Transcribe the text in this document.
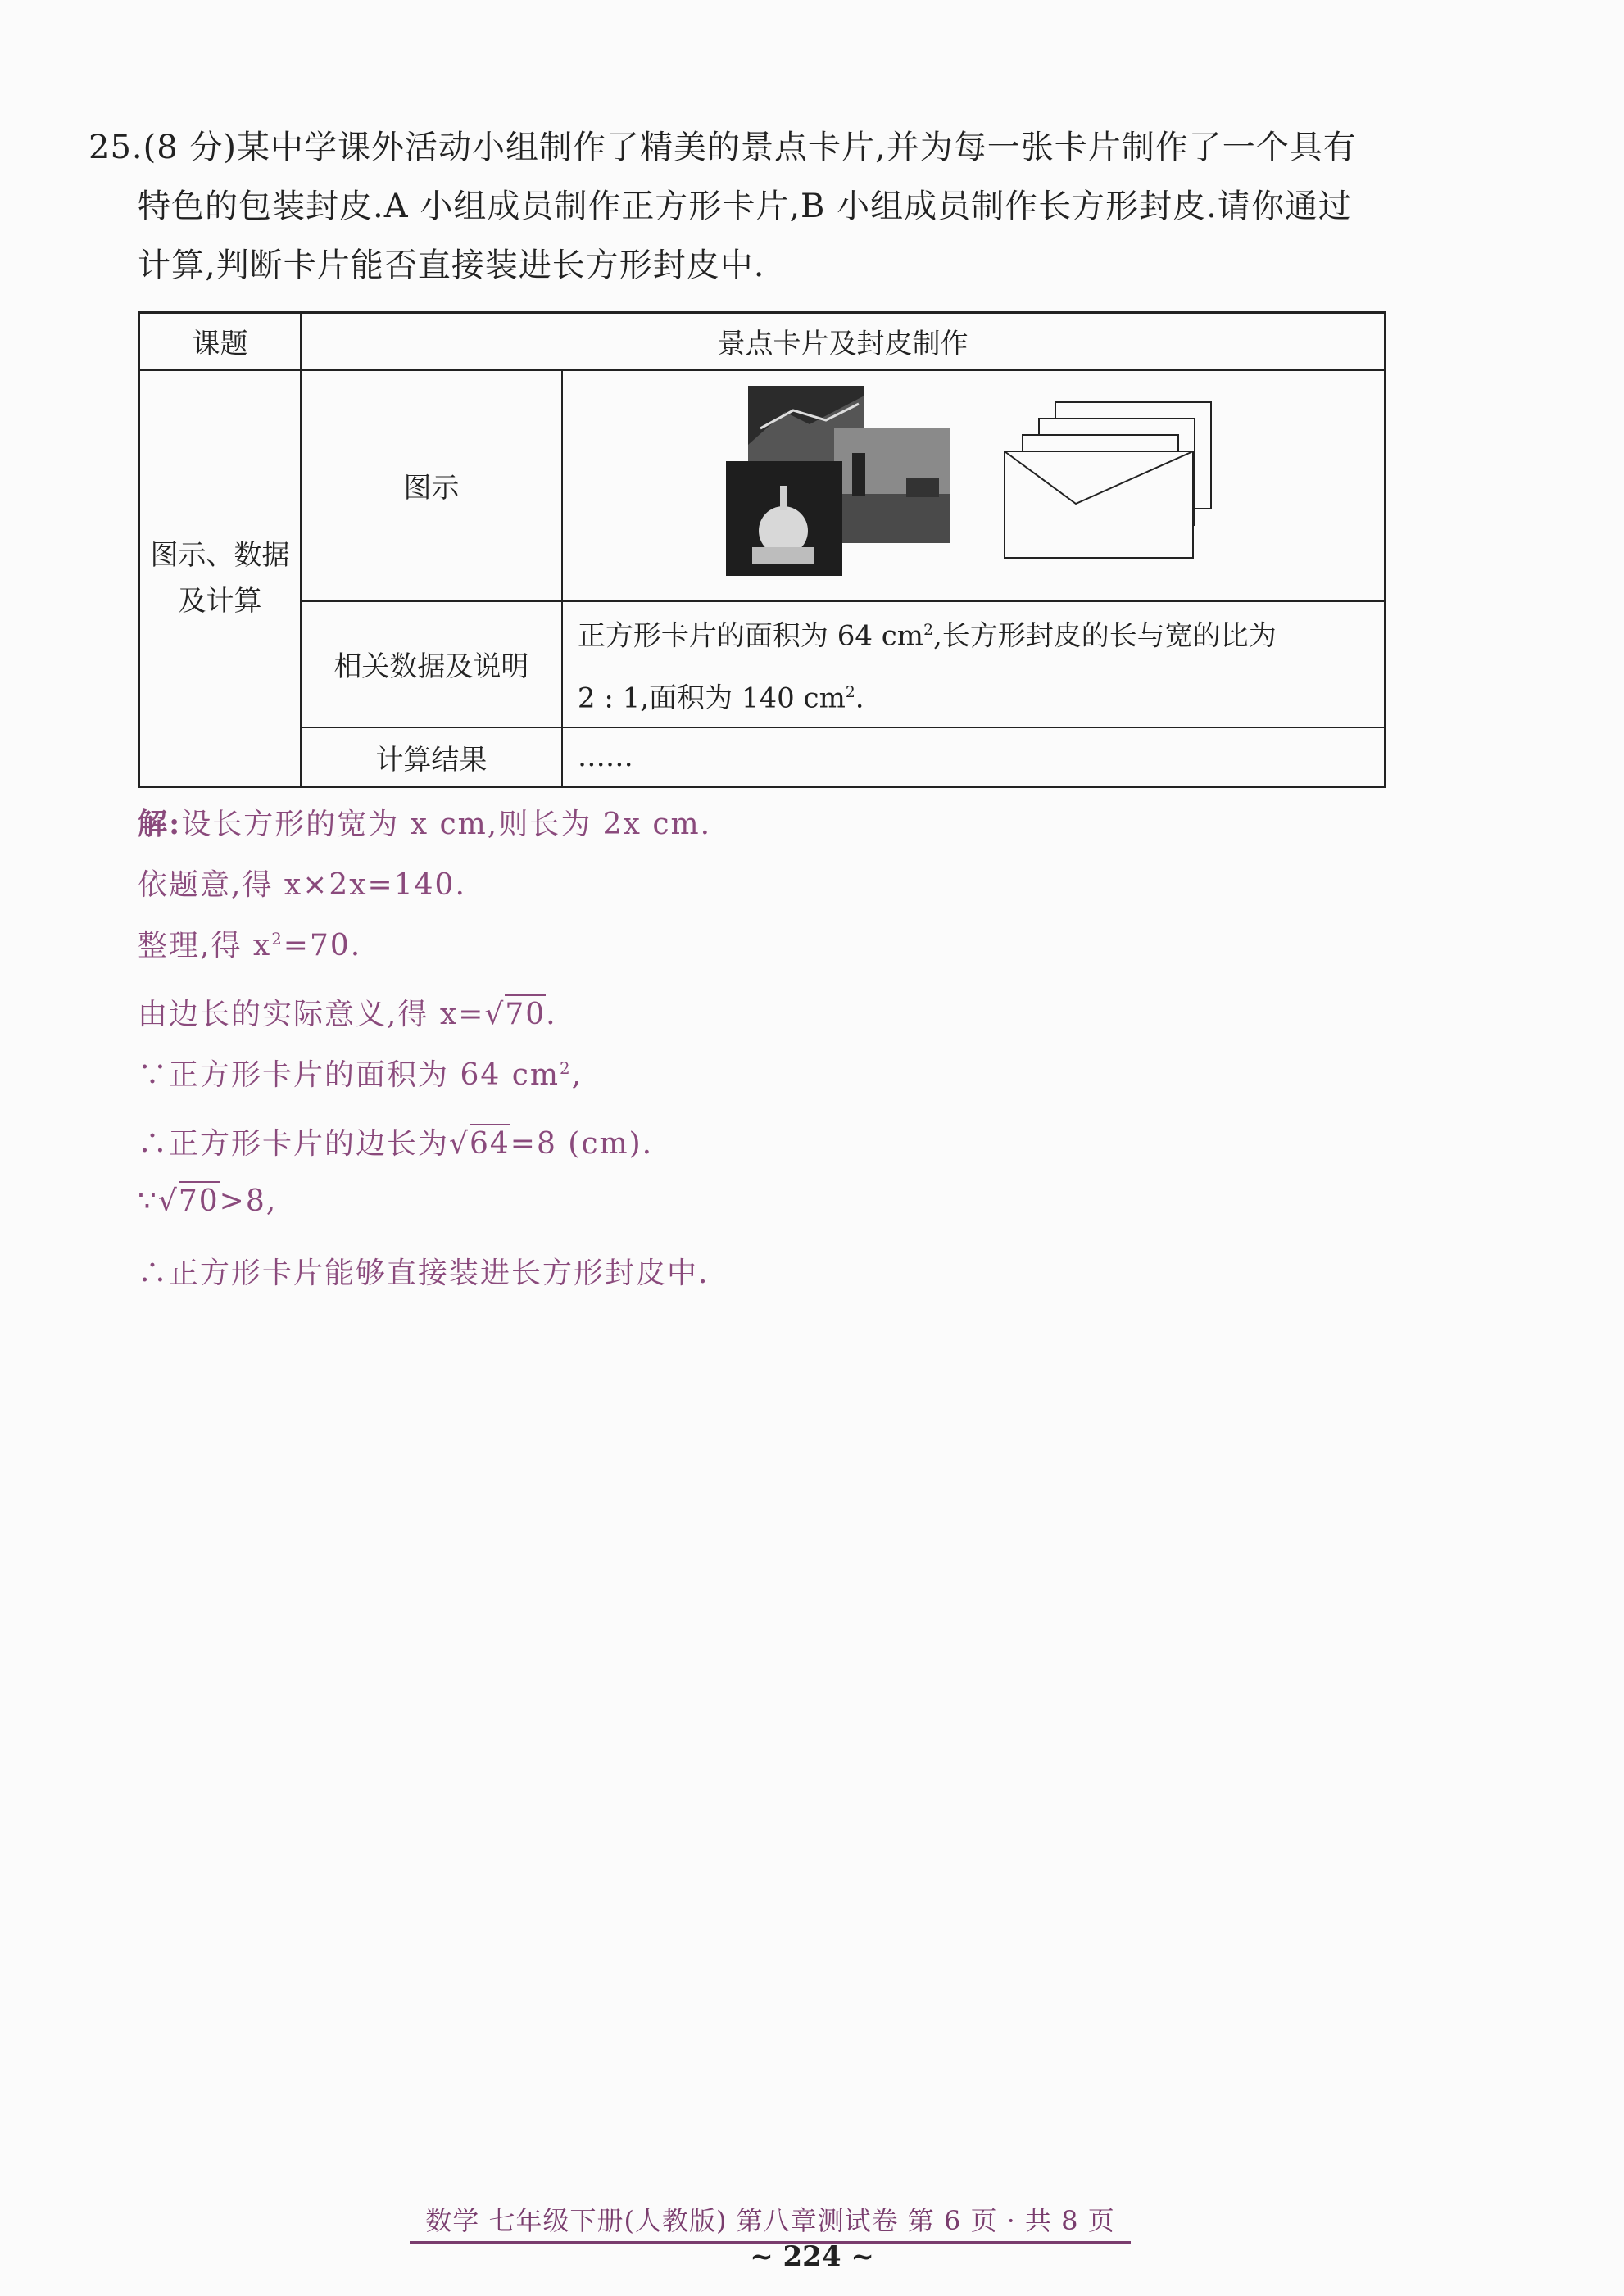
25.(8 分)某中学课外活动小组制作了精美的景点卡片,并为每一张卡片制作了一个具有
特色的包装封皮.A 小组成员制作正方形卡片,B 小组成员制作长方形封皮.请你通过
计算,判断卡片能否直接装进长方形封皮中.
课题	景点卡片及封皮制作	
图示、数据
及计算	图示	
	相关数据及说明	正方形卡片的面积为 64 $cm^2$,长方形封皮的长与宽的比为
2 : 1,面积为 140 $cm^2$.
	计算结果	……
解:设长方形的宽为 x cm,则长为 2x cm.
依题意,得 x×2x=140.
整理,得 $x^2=70$.
由边长的实际意义,得 x=√70.
∵正方形卡片的面积为 64 $cm^2$,
∴正方形卡片的边长为√64=8 (cm).
∵√70>8,
∴正方形卡片能够直接装进长方形封皮中.
数学 七年级下册(人教版) 第八章测试卷 第 6 页 · 共 8 页
~ 224 ~
